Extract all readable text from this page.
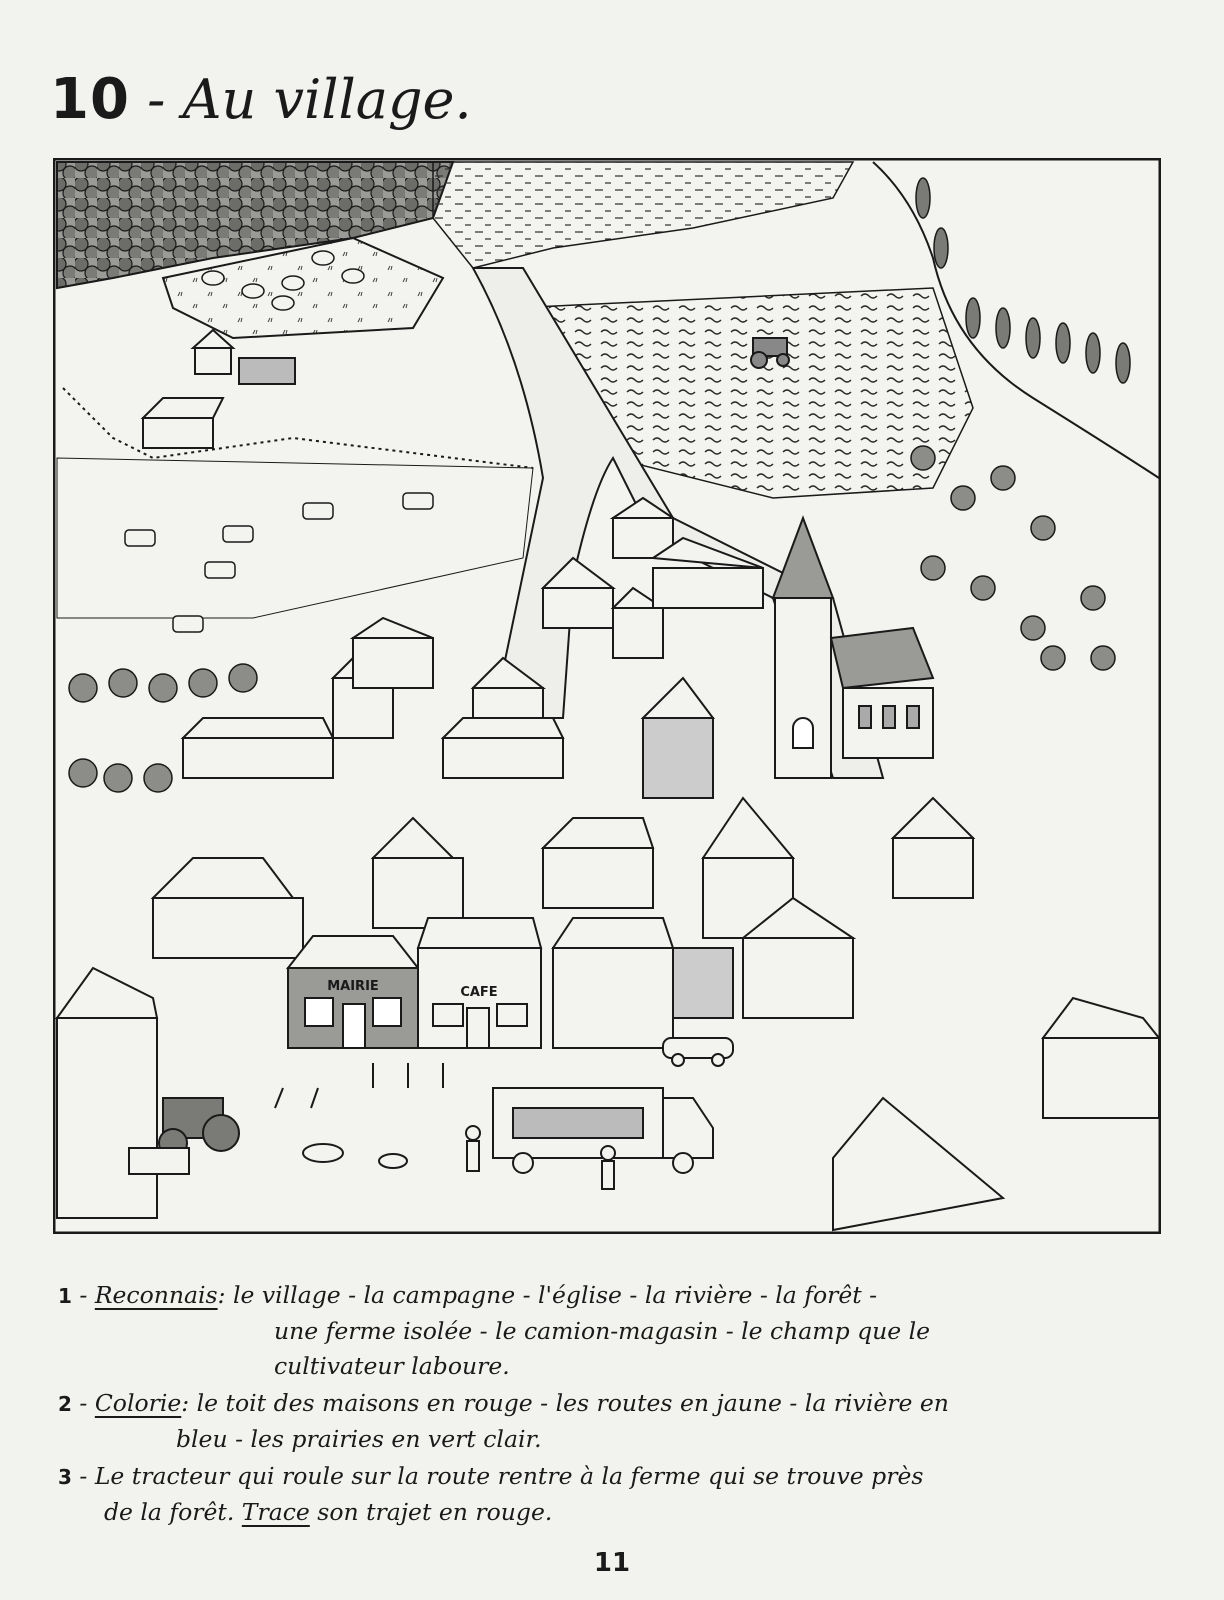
10 - Au village.
MAIRIE	CAFE
1 - Reconnais: le village - la campagne - l'église - la rivière - la forêt -
une ferme isolée - le camion-magasin - le champ que le
cultivateur laboure.
2 - Colorie: le toit des maisons en rouge - les routes en jaune - la rivière en
bleu - les prairies en vert clair.
3 - Le tracteur qui roule sur la route rentre à la ferme qui se trouve près
de la forêt. Trace son trajet en rouge.
11
